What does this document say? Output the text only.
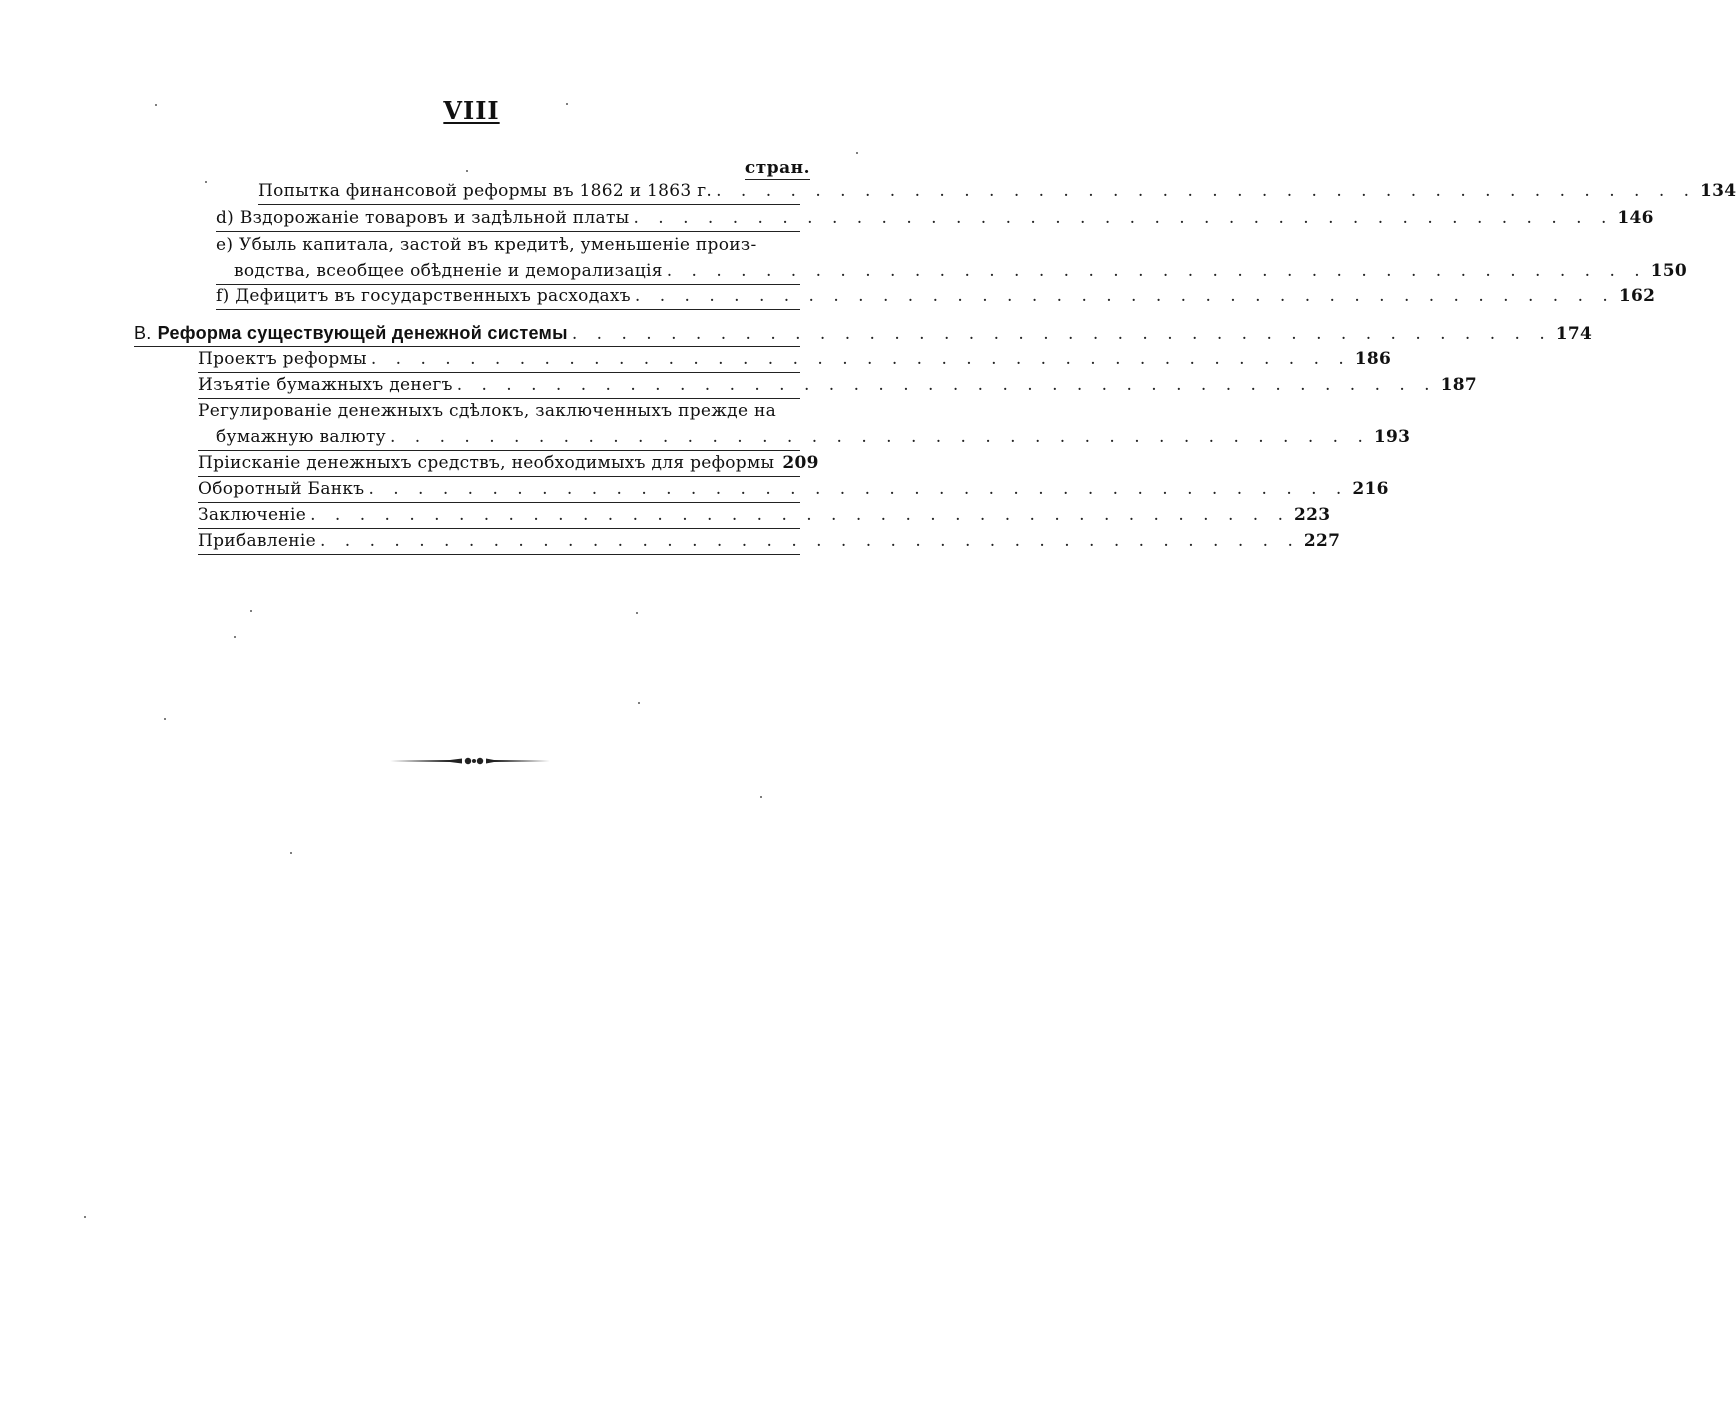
VIII
стран.
Попытка финансовой реформы въ 1862 и 1863 г. . . . . . . . . . . . . . . . . . . . . . . . . . . . . . . . . . . . . . . . . 134
d) Вздорожаніе товаровъ и задѣльной платы . . . . . . . . . . . . . . . . . . . . . . . . . . . . . . . . . . . . . . . . 146
e) Убыль капитала, застой въ кредитѣ, уменьшеніе произ-
водства, всеобщее обѣдненіе и деморализація . . . . . . . . . . . . . . . . . . . . . . . . . . . . . . . . . . . . . . . . 150
f) Дефицитъ въ государственныхъ расходахъ . . . . . . . . . . . . . . . . . . . . . . . . . . . . . . . . . . . . . . . . 162
B. Реформа существующей денежной системы . . . . . . . . . . . . . . . . . . . . . . . . . . . . . . . . . . . . . . . . 174
Проектъ реформы . . . . . . . . . . . . . . . . . . . . . . . . . . . . . . . . . . . . . . . . 186
Изъятіе бумажныхъ денегъ . . . . . . . . . . . . . . . . . . . . . . . . . . . . . . . . . . . . . . . . 187
Регулированіе денежныхъ сдѣлокъ, заключенныхъ прежде на
бумажную валюту . . . . . . . . . . . . . . . . . . . . . . . . . . . . . . . . . . . . . . . . 193
Пріисканіе денежныхъ средствъ, необходимыхъ для реформы 209
Оборотный Банкъ . . . . . . . . . . . . . . . . . . . . . . . . . . . . . . . . . . . . . . . . 216
Заключеніе . . . . . . . . . . . . . . . . . . . . . . . . . . . . . . . . . . . . . . . . 223
Прибавленіе . . . . . . . . . . . . . . . . . . . . . . . . . . . . . . . . . . . . . . . . 227
